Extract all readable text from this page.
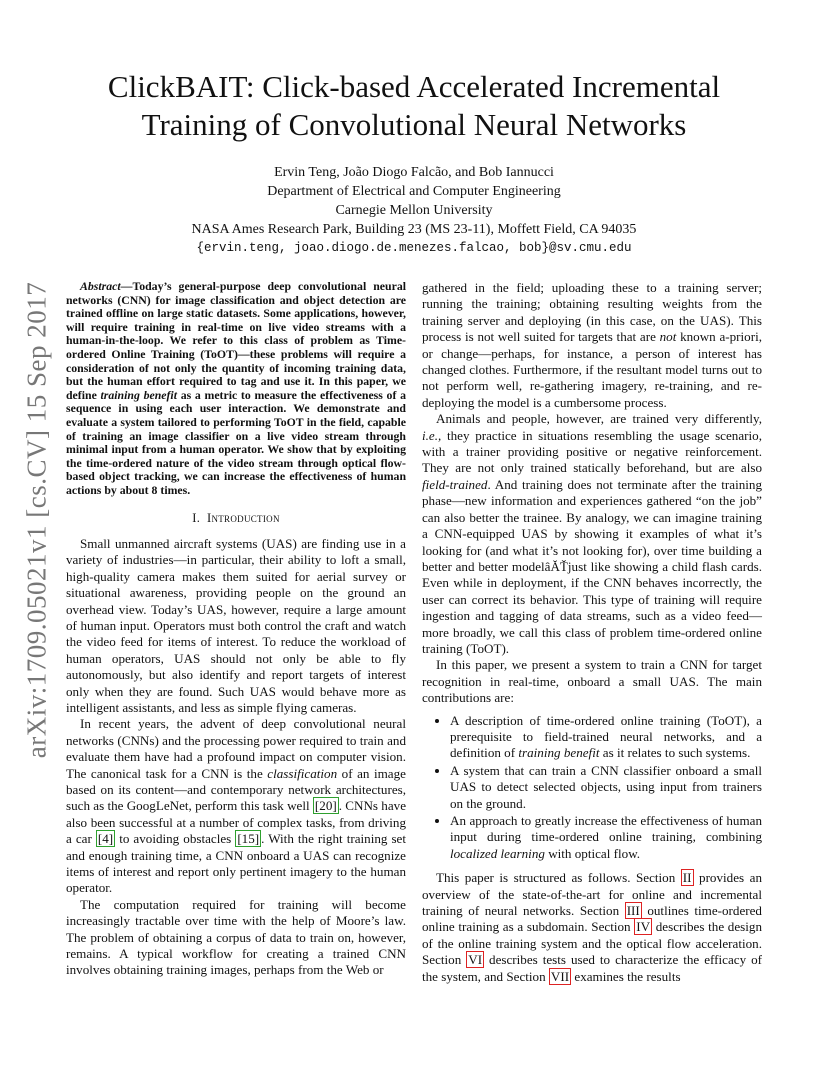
ClickBAIT: Click-based Accelerated Incremental
Training of Convolutional Neural Networks
Ervin Teng, João Diogo Falcão, and Bob Iannucci
Department of Electrical and Computer Engineering
Carnegie Mellon University
NASA Ames Research Park, Building 23 (MS 23-11), Moffett Field, CA 94035
{ervin.teng, joao.diogo.de.menezes.falcao, bob}@sv.cmu.edu
arXiv:1709.05021v1 [cs.CV] 15 Sep 2017	Abstract—Today’s general-purpose deep convolutional neural networks (CNN) for image classification and object detection are trained offline on large static datasets. Some applications, however, will require training in real-time on live video streams with a human-in-the-loop. We refer to this class of problem as Time-ordered Online Training (ToOT)—these problems will require a consideration of not only the quantity of incoming training data, but the human effort required to tag and use it. In this paper, we define training benefit as a metric to measure the effectiveness of a sequence in using each user interaction. We demonstrate and evaluate a system tailored to performing ToOT in the field, capable of training an image classifier on a live video stream through minimal input from a human operator. We show that by exploiting the time-ordered nature of the video stream through optical flow-based object tracking, we can increase the effectiveness of human actions by about 8 times.

I. Introduction

Small unmanned aircraft systems (UAS) are finding use in a variety of industries—in particular, their ability to loft a small, high-quality camera makes them suited for aerial survey or situational awareness, providing people on the ground an overhead view. Today’s UAS, however, require a large amount of human input. Operators must both control the craft and watch the video feed for items of interest. To reduce the workload of human operators, UAS should not only be able to fly autonomously, but also identify and report targets of interest only when they are found. Such UAS would behave more as intelligent assistants, and less as simple flying cameras.

In recent years, the advent of deep convolutional neural networks (CNNs) and the processing power required to train and evaluate them have had a profound impact on computer vision. The canonical task for a CNN is the classification of an image based on its content—and contemporary network architectures, such as the GoogLeNet, perform this task well [20] . CNNs have also been successful at a number of complex tasks, from driving a car [4] to avoiding obstacles [15] . With the right training set and enough training time, a CNN onboard a UAS can recognize items of interest and report only pertinent imagery to the human operator.

The computation required for training will become increasingly tractable over time with the help of Moore’s law. The problem of obtaining a corpus of data to train on, however, remains. A typical workflow for creating a trained CNN involves obtaining training images, perhaps from the Web or

gathered in the field; uploading these to a training server; running the training; obtaining resulting weights from the training server and deploying (in this case, on the UAS). This process is not well suited for targets that are not known a-priori, or change—perhaps, for instance, a person of interest has changed clothes. Furthermore, if the resultant model turns out to not perform well, re-gathering imagery, re-training, and re-deploying the model is a cumbersome process.

Animals and people, however, are trained very differently, i.e., they practice in situations resembling the usage scenario, with a trainer providing positive or negative reinforcement. They are not only trained statically beforehand, but are also field-trained. And training does not terminate after the training phase—new information and experiences gathered “on the job” can also better the trainee. By analogy, we can imagine training a CNN-equipped UAS by showing it examples of what it’s looking for (and what it’s not looking for), over time building a better and better modelâĂŤjust like showing a child flash cards. Even while in deployment, if the CNN behaves incorrectly, the user can correct its behavior. This type of training will require ingestion and tagging of data streams, such as a video feed—more broadly, we call this class of problem time-ordered online training (ToOT).

In this paper, we present a system to train a CNN for target recognition in real-time, onboard a small UAS. The main contributions are:

• A description of time-ordered online training (ToOT), a prerequisite to field-trained neural networks, and a definition of training benefit as it relates to such systems.
• A system that can train a CNN classifier onboard a small UAS to detect selected objects, using input from trainers on the ground.
• An approach to greatly increase the effectiveness of human input during time-ordered online training, combining localized learning with optical flow.

This paper is structured as follows. Section II provides an overview of the state-of-the-art for online and incremental training of neural networks. Section III outlines time-ordered online training as a subdomain. Section IV describes the design of the online training system and the optical flow acceleration. Section VI describes tests used to characterize the efficacy of the system, and Section VII examines the results
